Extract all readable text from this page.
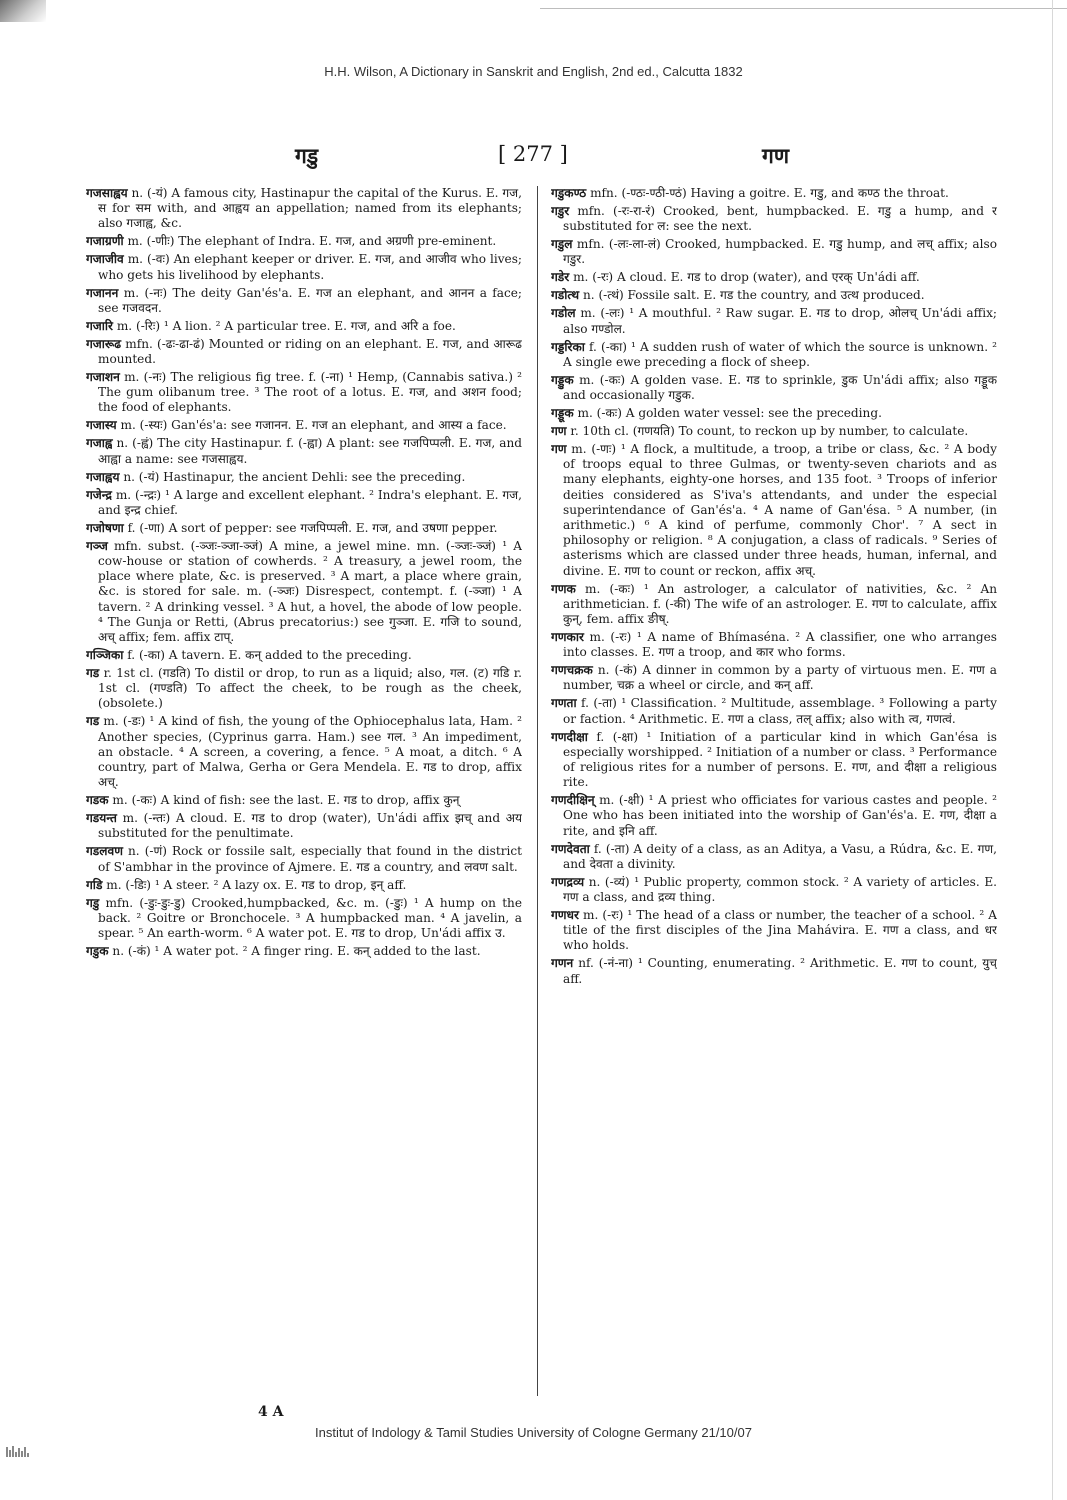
H.H. Wilson, A Dictionary in Sanskrit and English, 2nd ed., Calcutta 1832
गडु	[ 277 ]	गण

गजसाह्वय n. (-यं) A famous city, Hastinapur the capital of the Kurus. E. गज, स for सम with, and आह्वय an appellation; named from its elephants; also गजाह्व, &c.

गजाग्रणी m. (-णीः) The elephant of Indra. E. गज, and अग्रणी pre-eminent.

गजाजीव m. (-वः) An elephant keeper or driver. E. गज, and आजीव who lives; who gets his livelihood by elephants.

गजानन m. (-नः) The deity Gan'és'a. E. गज an elephant, and आनन a face; see गजवदन.

गजारि m. (-रिः) ¹ A lion. ² A particular tree. E. गज, and अरि a foe.

गजारूढ mfn. (-ढः-ढा-ढं) Mounted or riding on an elephant. E. गज, and आरूढ mounted.

गजाशन m. (-नः) The religious fig tree. f. (-ना) ¹ Hemp, (Cannabis sativa.) ² The gum olibanum tree. ³ The root of a lotus. E. गज, and अशन food; the food of elephants.

गजास्य m. (-स्यः) Gan'és'a: see गजानन. E. गज an elephant, and आस्य a face.

गजाह्व n. (-ह्वं) The city Hastinapur. f. (-ह्वा) A plant: see गजपिप्पली. E. गज, and आह्वा a name: see गजसाह्वय.

गजाह्वय n. (-यं) Hastinapur, the ancient Dehli: see the preceding.

गजेन्द्र m. (-न्द्रः) ¹ A large and excellent elephant. ² Indra's elephant. E. गज, and इन्द्र chief.

गजोषणा f. (-णा) A sort of pepper: see गजपिप्पली. E. गज, and उषणा pepper.

गञ्ज mfn. subst. (-ञ्जः-ञ्जा-ञ्जं) A mine, a jewel mine. mn. (-ञ्जः-ञ्जं) ¹ A cow-house or station of cowherds. ² A treasury, a jewel room, the place where plate, &c. is preserved. ³ A mart, a place where grain, &c. is stored for sale. m. (-ञ्जः) Disrespect, contempt. f. (-ञ्जा) ¹ A tavern. ² A drinking vessel. ³ A hut, a hovel, the abode of low people. ⁴ The Gunja or Retti, (Abrus precatorius:) see गुञ्जा. E. गजि to sound, अच् affix; fem. affix टाप्.

गञ्जिका f. (-का) A tavern. E. कन् added to the preceding.

गड r. 1st cl. (गडति) To distil or drop, to run as a liquid; also, गल. (ट) गडि r. 1st cl. (गण्डति) To affect the cheek, to be rough as the cheek, (obsolete.)

गड m. (-डः) ¹ A kind of fish, the young of the Ophiocephalus lata, Ham. ² Another species, (Cyprinus garra. Ham.) see गल. ³ An impediment, an obstacle. ⁴ A screen, a covering, a fence. ⁵ A moat, a ditch. ⁶ A country, part of Malwa, Gerha or Gera Mendela. E. गड to drop, affix अच्.

गडक m. (-कः) A kind of fish: see the last. E. गड to drop, affix कुन्

गडयन्त m. (-न्तः) A cloud. E. गड to drop (water), Un'ádi affix झच् and अय substituted for the penultimate.

गडलवण n. (-णं) Rock or fossile salt, especially that found in the district of S'ambhar in the province of Ajmere. E. गड a country, and लवण salt.

गडि m. (-डिः) ¹ A steer. ² A lazy ox. E. गड to drop, इन् aff.

गडु mfn. (-डुः-डुः-डु) Crooked,humpbacked, &c. m. (-डुः) ¹ A hump on the back. ² Goitre or Bronchocele. ³ A humpbacked man. ⁴ A javelin, a spear. ⁵ An earth-worm. ⁶ A water pot. E. गड to drop, Un'ádi affix उ.

गडुक n. (-कं) ¹ A water pot. ² A finger ring. E. कन् added to the last.

गडुकण्ठ mfn. (-ण्ठः-ण्ठी-ण्ठं) Having a goitre. E. गडु, and कण्ठ the throat.

गडुर mfn. (-रः-रा-रं) Crooked, bent, humpbacked. E. गडु a hump, and र substituted for ल: see the next.

गडुल mfn. (-लः-ला-लं) Crooked, humpbacked. E. गडु hump, and लच् affix; also गडुर.

गडेर m. (-रः) A cloud. E. गड to drop (water), and एरक् Un'ádi aff.

गडोत्थ n. (-त्थं) Fossile salt. E. गड the country, and उत्थ produced.

गडोल m. (-लः) ¹ A mouthful. ² Raw sugar. E. गड to drop, ओलच् Un'ádi affix; also गण्डोल.

गड्डरिका f. (-का) ¹ A sudden rush of water of which the source is unknown. ² A single ewe preceding a flock of sheep.

गड्डुक m. (-कः) A golden vase. E. गड to sprinkle, डुक Un'ádi affix; also गड्डूक and occasionally गडुक.

गड्डूक m. (-कः) A golden water vessel: see the preceding.

गण r. 10th cl. (गणयति) To count, to reckon up by number, to calculate.

गण m. (-णः) ¹ A flock, a multitude, a troop, a tribe or class, &c. ² A body of troops equal to three Gulmas, or twenty-seven chariots and as many elephants, eighty-one horses, and 135 foot. ³ Troops of inferior deities considered as S'iva's attendants, and under the especial superintendance of Gan'és'a. ⁴ A name of Gan'ésa. ⁵ A number, (in arithmetic.) ⁶ A kind of perfume, commonly Chor'. ⁷ A sect in philosophy or religion. ⁸ A conjugation, a class of radicals. ⁹ Series of asterisms which are classed under three heads, human, infernal, and divine. E. गण to count or reckon, affix अच्.

गणक m. (-कः) ¹ An astrologer, a calculator of nativities, &c. ² An arithmetician. f. (-की) The wife of an astrologer. E. गण to calculate, affix कुन्, fem. affix ङीष्.

गणकार m. (-रः) ¹ A name of Bhímaséna. ² A classifier, one who arranges into classes. E. गण a troop, and कार who forms.

गणचक्रक n. (-कं) A dinner in common by a party of virtuous men. E. गण a number, चक्र a wheel or circle, and कन् aff.

गणता f. (-ता) ¹ Classification. ² Multitude, assemblage. ³ Following a party or faction. ⁴ Arithmetic. E. गण a class, तल् affix; also with त्व, गणत्वं.

गणदीक्षा f. (-क्षा) ¹ Initiation of a particular kind in which Gan'ésa is especially worshipped. ² Initiation of a number or class. ³ Performance of religious rites for a number of persons. E. गण, and दीक्षा a religious rite.

गणदीक्षिन् m. (-क्षी) ¹ A priest who officiates for various castes and people. ² One who has been initiated into the worship of Gan'és'a. E. गण, दीक्षा a rite, and इनि aff.

गणदेवता f. (-ता) A deity of a class, as an Aditya, a Vasu, a Rúdra, &c. E. गण, and देवता a divinity.

गणद्रव्य n. (-व्यं) ¹ Public property, common stock. ² A variety of articles. E. गण a class, and द्रव्य thing.

गणधर m. (-रः) ¹ The head of a class or number, the teacher of a school. ² A title of the first disciples of the Jina Mahávira. E. गण a class, and धर who holds.

गणन nf. (-नं-ना) ¹ Counting, enumerating. ² Arithmetic. E. गण to count, युच् aff.

4 A
Institut of Indology & Tamil Studies University of Cologne Germany 21/10/07
